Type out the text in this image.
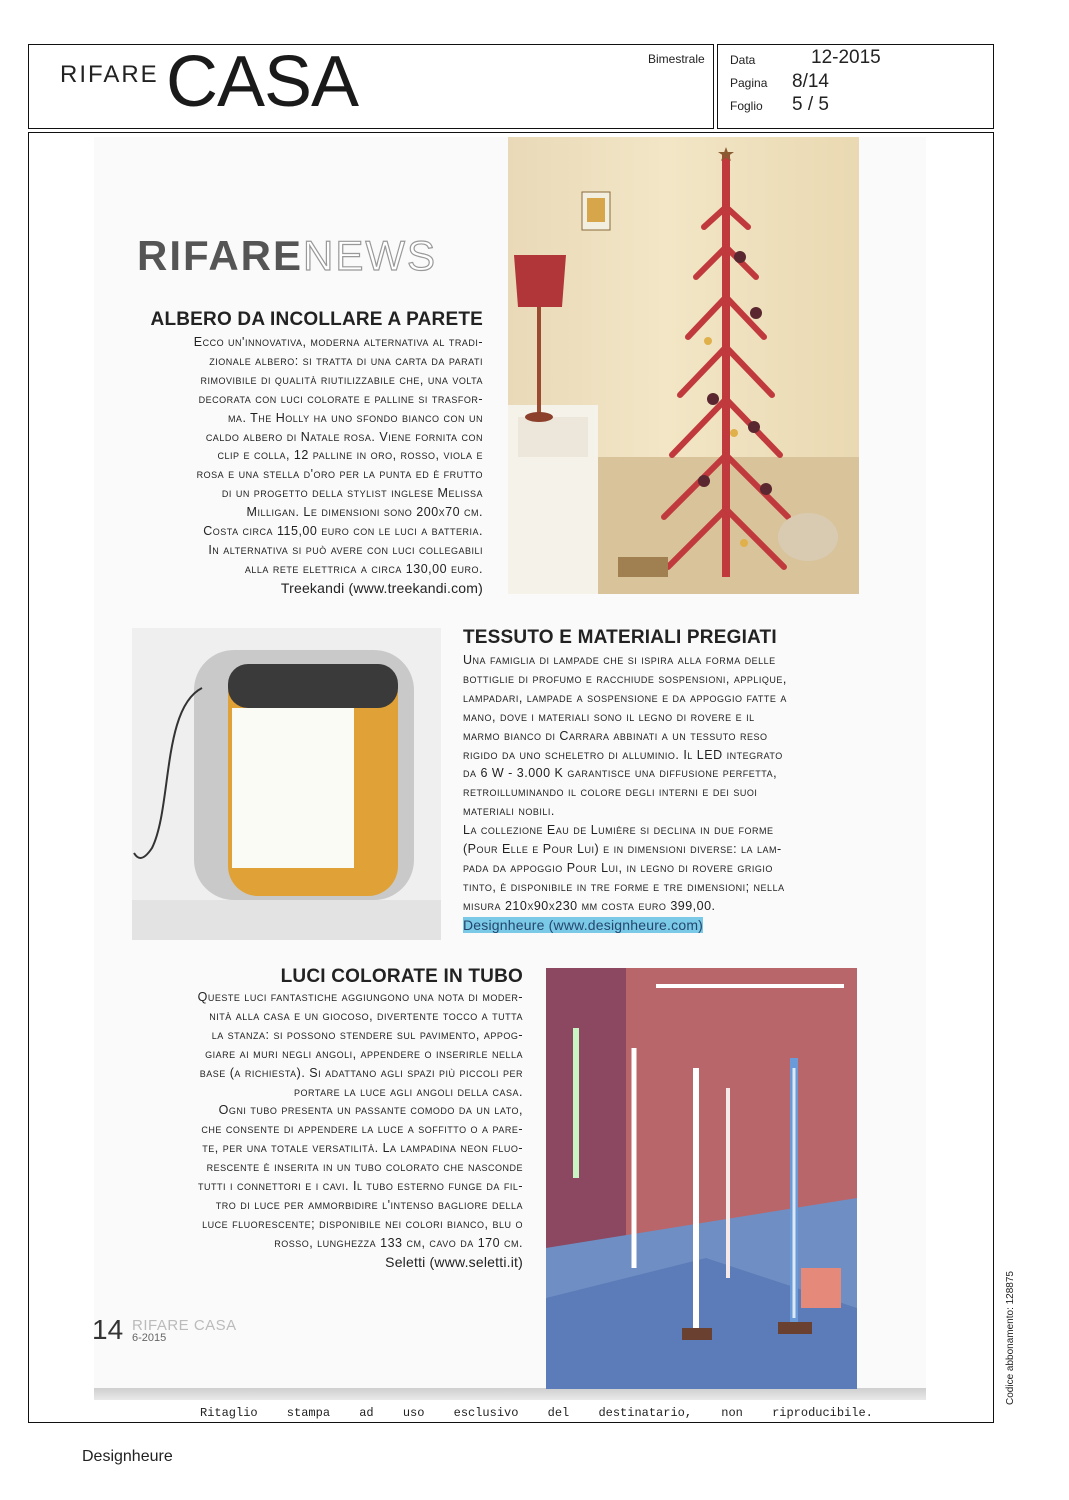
RIFARE CASA	Bimestrale Data	12-2015
Pagina 8/14
Foglio 5 / 5
RIFARENEWS
ALBERO DA INCOLLARE A PARETE

Ecco un'innovativa, moderna alternativa al tradi-

zionale albero: si tratta di una carta da parati

rimovibile di qualità riutilizzabile che, una volta

decorata con luci colorate e palline si trasfor-

ma. The Holly ha uno sfondo bianco con un

caldo albero di Natale rosa. Viene fornita con

clip e colla, 12 palline in oro, rosso, viola e

rosa e una stella d'oro per la punta ed è frutto

di un progetto della stylist inglese Melissa

Milligan. Le dimensioni sono 200x70 cm.

Costa circa 115,00 euro con le luci a batteria.

In alternativa si può avere con luci collegabili

alla rete elettrica a circa 130,00 euro.

Treekandi (www.treekandi.com)

TESSUTO E MATERIALI PREGIATI

Una famiglia di lampade che si ispira alla forma delle

bottiglie di profumo e racchiude sospensioni, applique,

lampadari, lampade a sospensione e da appoggio fatte a

mano, dove i materiali sono il legno di rovere e il

marmo bianco di Carrara abbinati a un tessuto reso

rigido da uno scheletro di alluminio. Il LED integrato

da 6 W - 3.000 K garantisce una diffusione perfetta,

retroilluminando il colore degli interni e dei suoi

materiali nobili.

La collezione Eau de Lumière si declina in due forme

(Pour Elle e Pour Lui) e in dimensioni diverse: la lam-

pada da appoggio Pour Lui, in legno di rovere grigio

tinto, è disponibile in tre forme e tre dimensioni; nella

misura 210x90x230 mm costa euro 399,00.

Designheure (www.designheure.com)

LUCI COLORATE IN TUBO

Queste luci fantastiche aggiungono una nota di moder-

nità alla casa e un giocoso, divertente tocco a tutta

la stanza: si possono stendere sul pavimento, appog-

giare ai muri negli angoli, appendere o inserirle nella

base (a richiesta). Si adattano agli spazi più piccoli per

portare la luce agli angoli della casa.

Ogni tubo presenta un passante comodo da un lato,

che consente di appendere la luce a soffitto o a pare-

te, per una totale versatilità. La lampadina neon fluo-

rescente è inserita in un tubo colorato che nasconde

tutti i connettori e i cavi. Il tubo esterno funge da fil-

tro di luce per ammorbidire l'intenso bagliore della

luce fluorescente; disponibile nei colori bianco, blu o

rosso, lunghezza 133 cm, cavo da 170 cm.

Seletti (www.seletti.it)

14 RIFARE CASA
6-2015
Ritaglio stampa ad uso esclusivo del destinatario, non riproducibile.
Codice abbonamento: 128875
Designheure
